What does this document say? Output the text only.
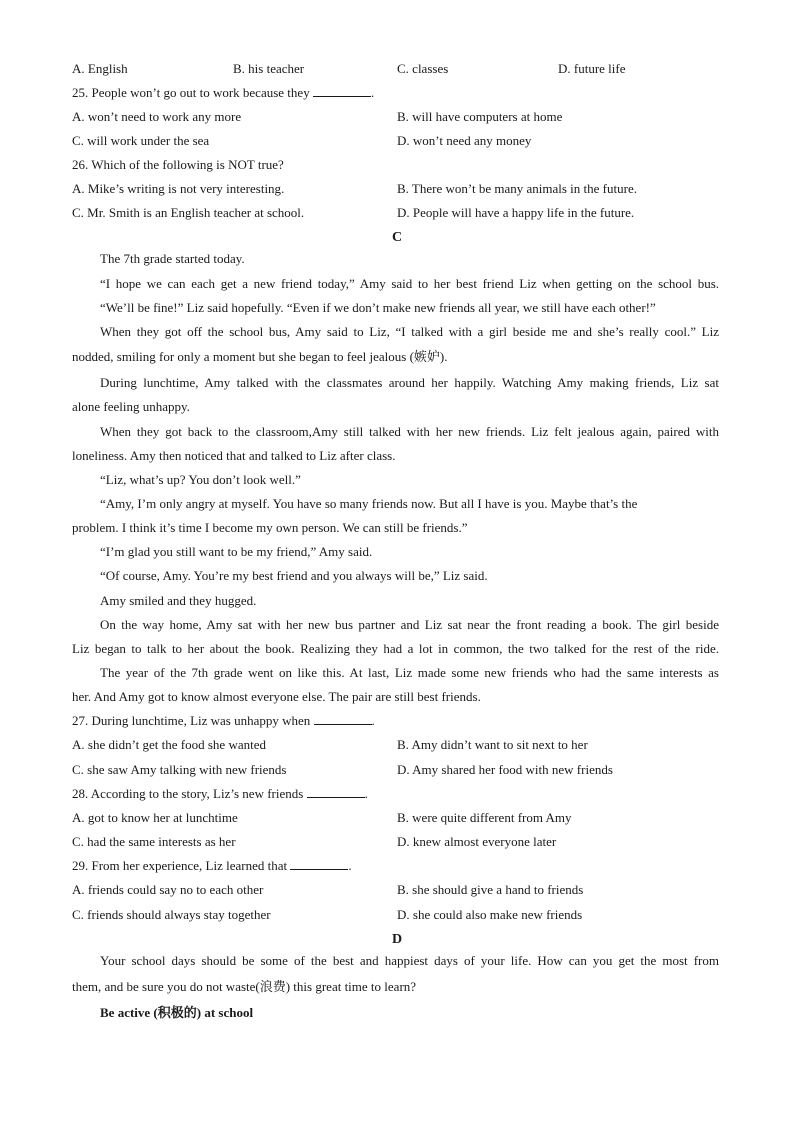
A. English	B. his teacher	C. classes	D. future life
25. People won’t go out to work because they	.
A. won’t need to work any more	B. will have computers at home
C. will work under the sea	D. won’t need any money
26. Which of the following is NOT true?
A. Mike’s writing is not very interesting.	B. There won’t be many animals in the future.
C. Mr. Smith is an English teacher at school.	D. People will have a happy life in the future.
C
The 7th grade started today.
“I hope we can each get a new friend today,” Amy said to her best friend Liz when getting on the school bus.
“We’ll be fine!” Liz said hopefully. “Even if we don’t make new friends all year, we still have each other!”
When they got off the school bus, Amy said to Liz, “I talked with a girl beside me and she’s really cool.” Liz
nodded, smiling for only a moment but she began to feel jealous (嫉妒).
During lunchtime, Amy talked with the classmates around her happily. Watching Amy making friends, Liz sat
alone feeling unhappy.
When they got back to the classroom,Amy still talked with her new friends. Liz felt jealous again, paired with
loneliness. Amy then noticed that and talked to Liz after class.
“Liz, what’s up? You don’t look well.”
“Amy, I’m only angry at myself. You have so many friends now. But all I have is you. Maybe that’s the
problem. I think it’s time I become my own person. We can still be friends.”
“I’m glad you still want to be my friend,” Amy said.
“Of course, Amy. You’re my best friend and you always will be,” Liz said.
Amy smiled and they hugged.
On the way home, Amy sat with her new bus partner and Liz sat near the front reading a book. The girl beside
Liz began to talk to her about the book. Realizing they had a lot in common, the two talked for the rest of the ride.
The year of the 7th grade went on like this. At last, Liz made some new friends who had the same interests as
her. And Amy got to know almost everyone else. The pair are still best friends.
27. During lunchtime, Liz was unhappy when	.
A. she didn’t get the food she wanted	B. Amy didn’t want to sit next to her
C. she saw Amy talking with new friends	D. Amy shared her food with new friends
28. According to the story, Liz’s new friends	.
A. got to know her at lunchtime	B. were quite different from Amy
C. had the same interests as her	D. knew almost everyone later
29. From her experience, Liz learned that	.
A. friends could say no to each other	B. she should give a hand to friends
C. friends should always stay together	D. she could also make new friends
D
Your school days should be some of the best and happiest days of your life. How can you get the most from
them, and be sure you do not waste(浪费) this great time to learn?
Be active (积极的) at school
